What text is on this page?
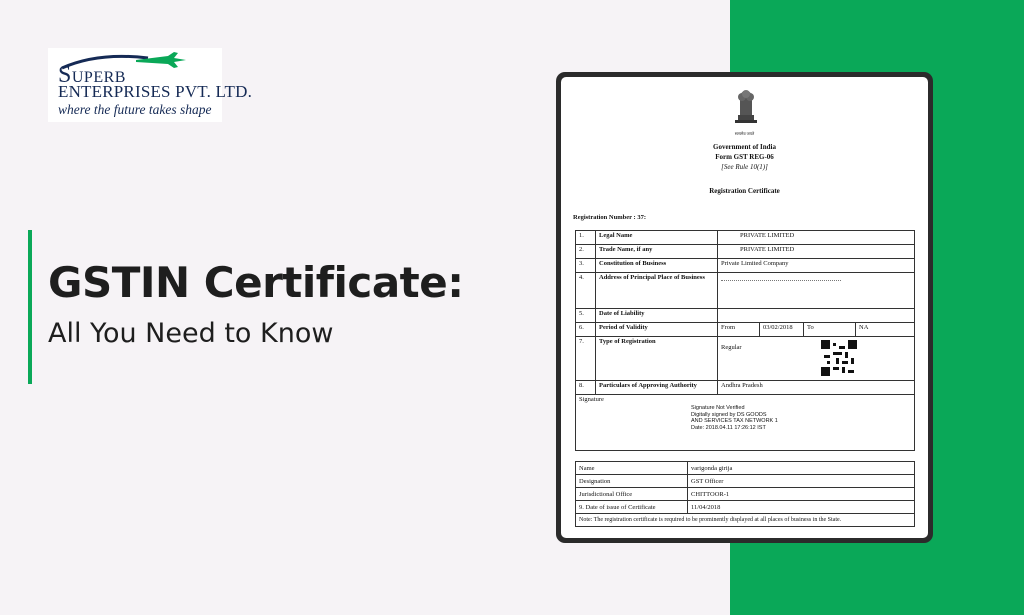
SUPERB
ENTERPRISES PVT. LTD.
where the future takes shape
GSTIN Certificate:
All You Need to Know
सत्यमेव जयते
Government of India
Form GST REG-06
[See Rule 10(1)]
Registration Certificate
Registration Number : 37:
1.	Legal Name	PRIVATE LIMITED			
2.	Trade Name, if any	PRIVATE LIMITED			
3.	Constitution of Business	Private Limited Company			
4.	Address of Principal Place of Business				

5.	Date of Liability				
6.	Period of Validity	From	03/02/2018	To	NA
7.	Type of Registration	Regular			

8.	Particulars of Approving Authority	Andhra Pradesh			

Signature
Signature Not Verified
Digitally signed by DS GOODS
AND SERVICES TAX NETWORK 1
Date: 2018.04.11 17:26:12 IST					
Name	varigonda girija
Designation	GST Officer
Jurisdictional Office	CHITTOOR-1
9. Date of issue of Certificate	11/04/2018
Note: The registration certificate is required to be prominently displayed at all places of business in the State.	
